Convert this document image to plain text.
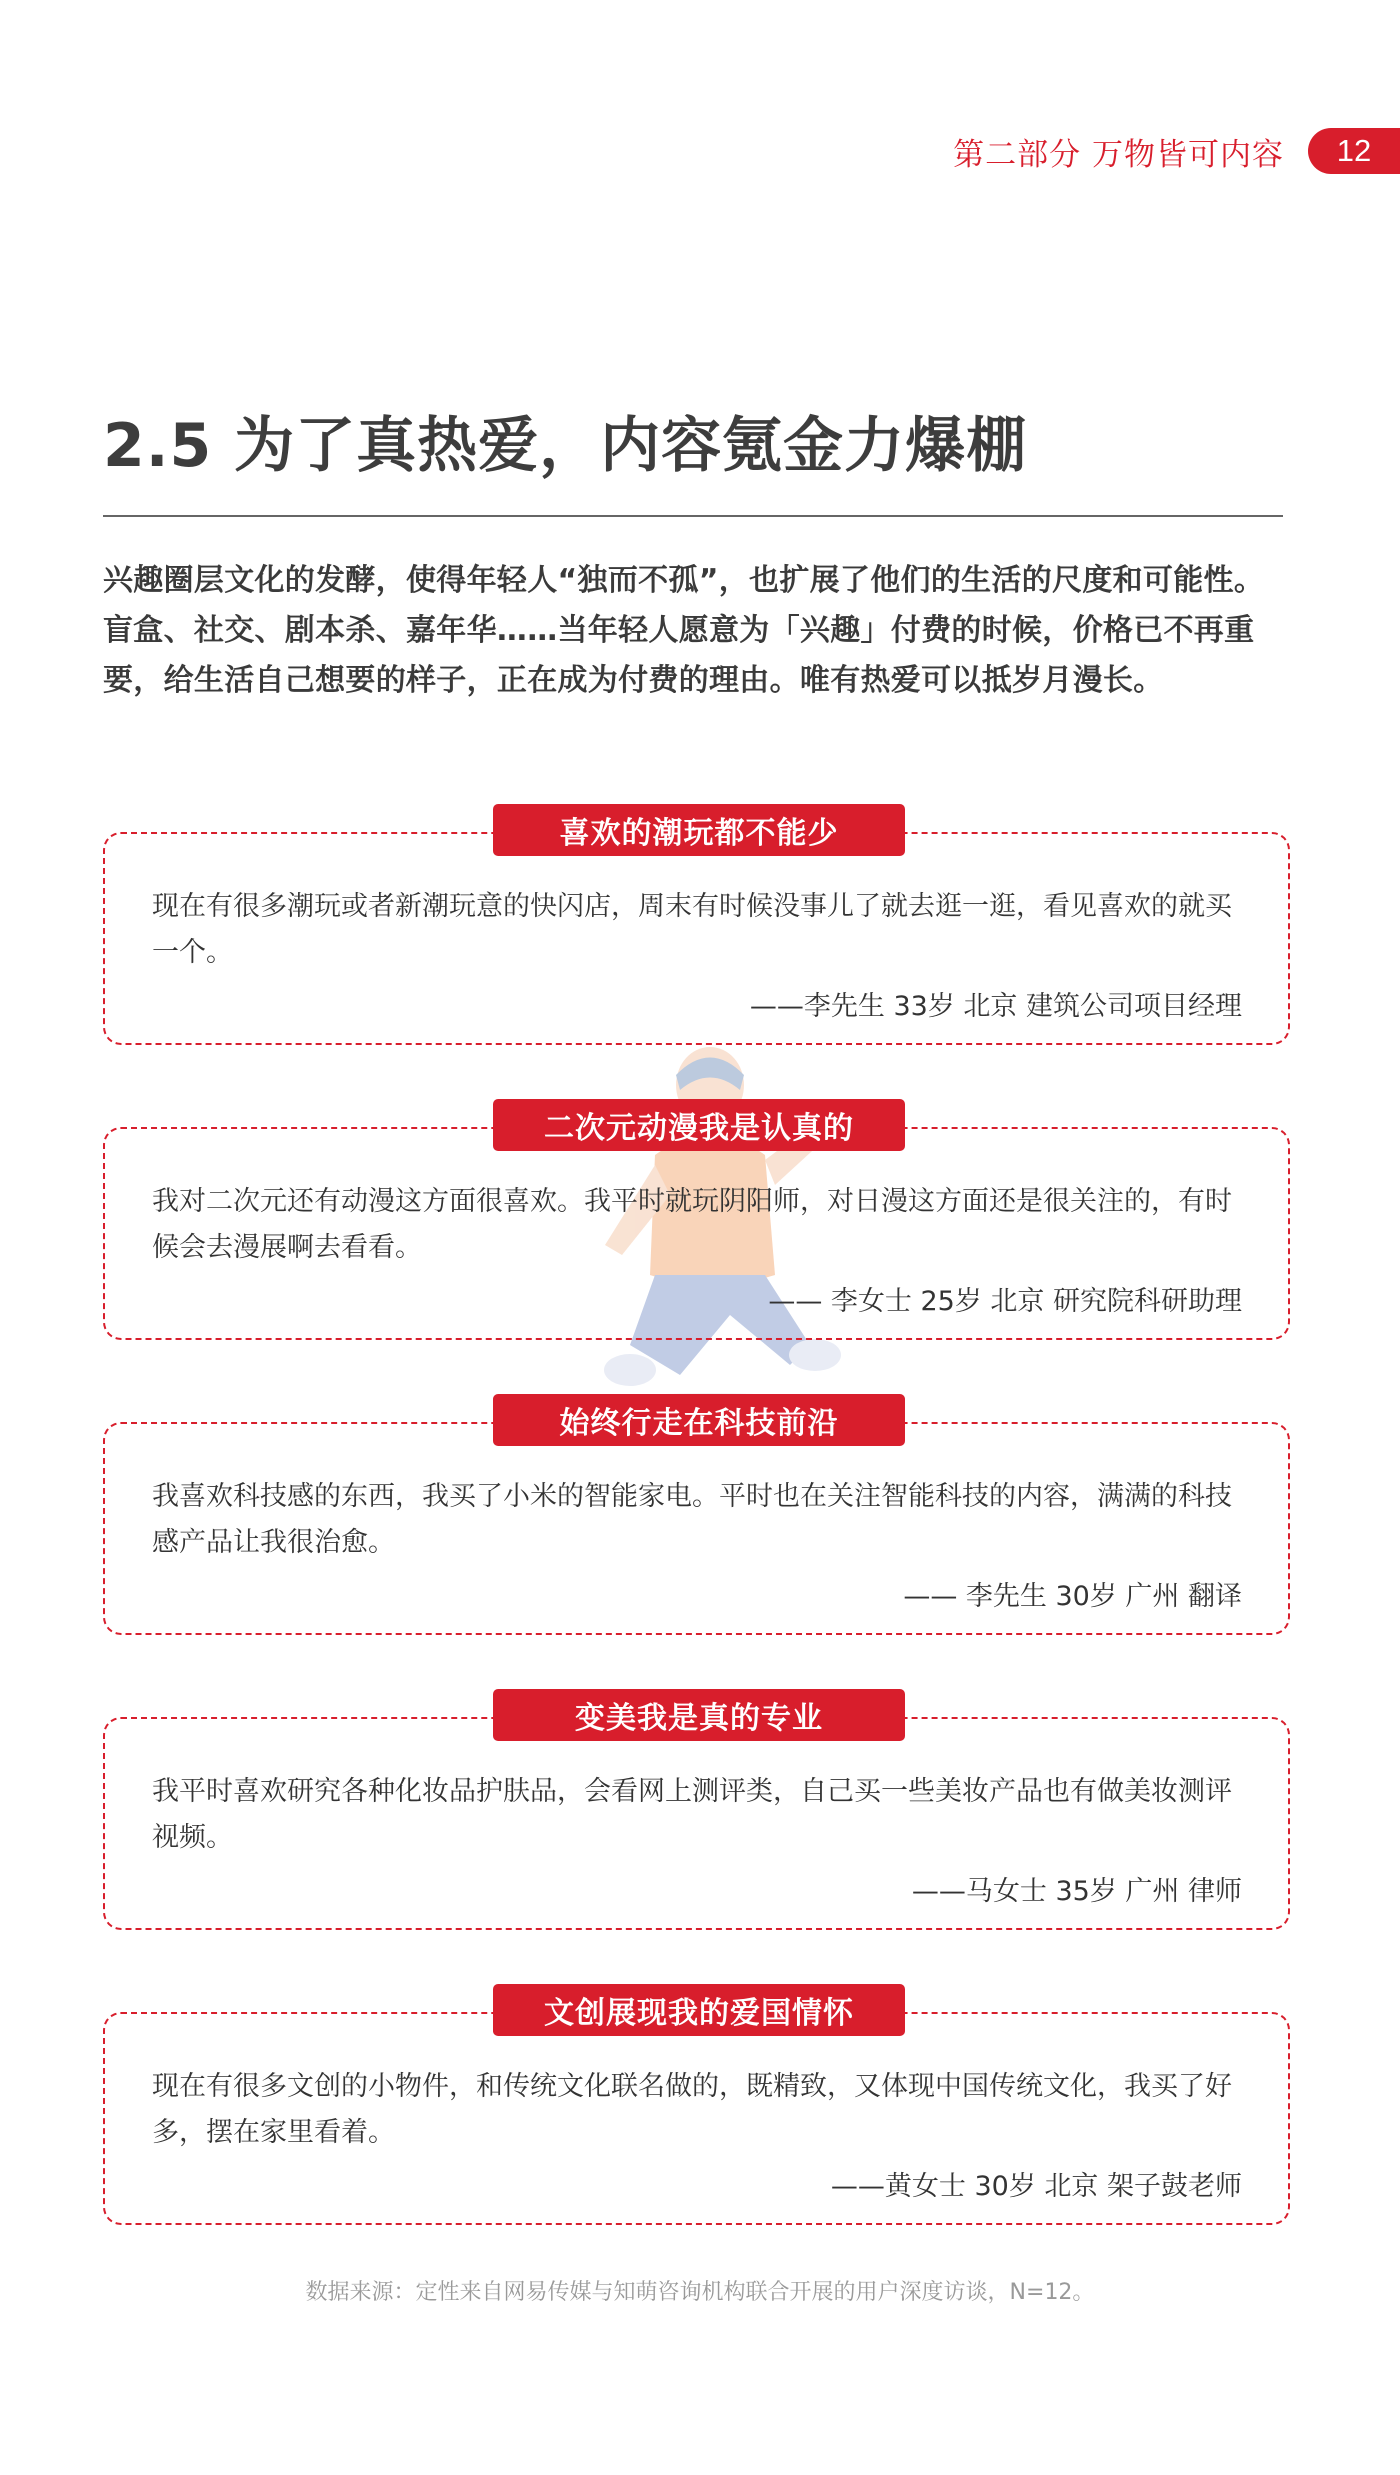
第二部分 万物皆可内容	12
2.5 为了真热爱，内容氪金力爆棚

兴趣圈层文化的发酵，使得年轻人“独而不孤”，也扩展了他们的生活的尺度和可能性。

盲盒、社交、剧本杀、嘉年华……当年轻人愿意为「兴趣」付费的时候，价格已不再重

要，给生活自己想要的样子，正在成为付费的理由。唯有热爱可以抵岁月漫长。

喜欢的潮玩都不能少

现在有很多潮玩或者新潮玩意的快闪店，周末有时候没事儿了就去逛一逛，看见喜欢的就买一个。

——李先生 33岁 北京 建筑公司项目经理
二次元动漫我是认真的

我对二次元还有动漫这方面很喜欢。我平时就玩阴阳师，对日漫这方面还是很关注的，有时候会去漫展啊去看看。

—— 李女士 25岁 北京 研究院科研助理
始终行走在科技前沿

我喜欢科技感的东西，我买了小米的智能家电。平时也在关注智能科技的内容，满满的科技感产品让我很治愈。

—— 李先生 30岁 广州 翻译
变美我是真的专业

我平时喜欢研究各种化妆品护肤品，会看网上测评类，自己买一些美妆产品也有做美妆测评视频。

——马女士 35岁 广州 律师
文创展现我的爱国情怀

现在有很多文创的小物件，和传统文化联名做的，既精致，又体现中国传统文化，我买了好多，摆在家里看着。

——黄女士 30岁 北京 架子鼓老师
数据来源：定性来自网易传媒与知萌咨询机构联合开展的用户深度访谈，N=12。
